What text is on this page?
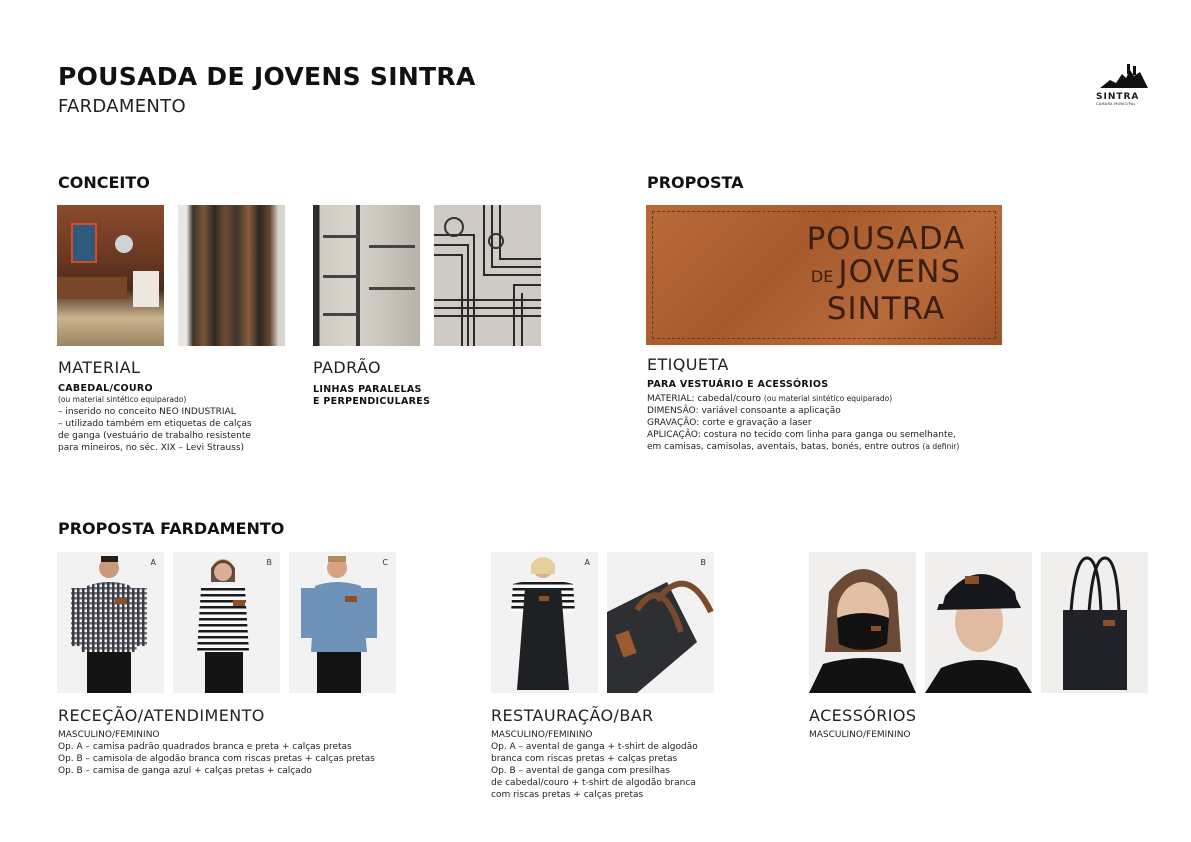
POUSADA DE JOVENS SINTRA
FARDAMENTO	SINTRA
CÂMARA MUNICIPAL
CONCEITO
MATERIAL
CABEDAL/COURO
(ou material sintético equiparado)
– inserido no conceito NEO INDUSTRIAL
– utilizado também em etiquetas de calças
de ganga (vestuário de trabalho resistente
para mineiros, no séc. XIX – Levi Strauss)
PADRÃO
LINHAS PARALELAS
E PERPENDICULARES
PROPOSTA
POUSADA
DE JOVENS
SINTRA
ETIQUETA
PARA VESTUÁRIO E ACESSÓRIOS
MATERIAL: cabedal/couro (ou material sintético equiparado)
DIMENSÃO: variável consoante a aplicação
GRAVAÇÃO: corte e gravação a laser
APLICAÇÃO: costura no tecido com linha para ganga ou semelhante,
em camisas, camisolas, aventais, batas, bonés, entre outros (a definir)
PROPOSTA FARDAMENTO
A	B	C	A	B
RECEÇÃO/ATENDIMENTO
MASCULINO/FEMININO
Op. A – camisa padrão quadrados branca e preta + calças pretas
Op. B – camisola de algodão branca com riscas pretas + calças pretas
Op. B – camisa de ganga azul + calças pretas + calçado
RESTAURAÇÃO/BAR
MASCULINO/FEMININO
Op. A – avental de ganga + t-shirt de algodão
branca com riscas pretas + calças pretas
Op. B – avental de ganga com presilhas
de cabedal/couro + t-shirt de algodão branca
com riscas pretas + calças pretas
ACESSÓRIOS
MASCULINO/FEMININO
